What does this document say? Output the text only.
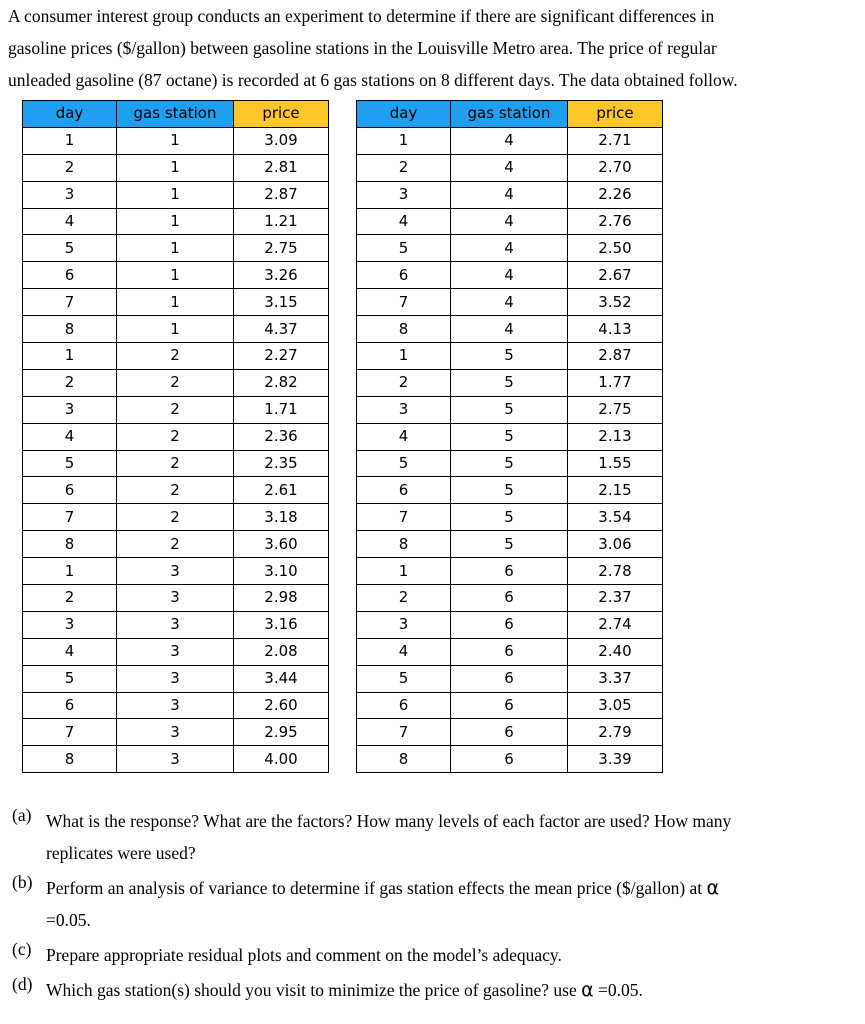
A consumer interest group conducts an experiment to determine if there are significant differences in
gasoline prices ($/gallon) between gasoline stations in the Louisville Metro area. The price of regular
unleaded gasoline (87 octane) is recorded at 6 gas stations on 8 different days. The data obtained follow.
day	gas station	price
1	1	3.09
2	1	2.81
3	1	2.87
4	1	1.21
5	1	2.75
6	1	3.26
7	1	3.15
8	1	4.37
1	2	2.27
2	2	2.82
3	2	1.71
4	2	2.36
5	2	2.35
6	2	2.61
7	2	3.18
8	2	3.60
1	3	3.10
2	3	2.98
3	3	3.16
4	3	2.08
5	3	3.44
6	3	2.60
7	3	2.95
8	3	4.00
day	gas station	price
1	4	2.71
2	4	2.70
3	4	2.26
4	4	2.76
5	4	2.50
6	4	2.67
7	4	3.52
8	4	4.13
1	5	2.87
2	5	1.77
3	5	2.75
4	5	2.13
5	5	1.55
6	5	2.15
7	5	3.54
8	5	3.06
1	6	2.78
2	6	2.37
3	6	2.74
4	6	2.40
5	6	3.37
6	6	3.05
7	6	2.79
8	6	3.39
(a) What is the response? What are the factors? How many levels of each factor are used? How many
replicates were used?
(b) Perform an analysis of variance to determine if gas station effects the mean price ($/gallon) at α
=0.05.
(c) Prepare appropriate residual plots and comment on the model’s adequacy.
(d) Which gas station(s) should you visit to minimize the price of gasoline? use α =0.05.
